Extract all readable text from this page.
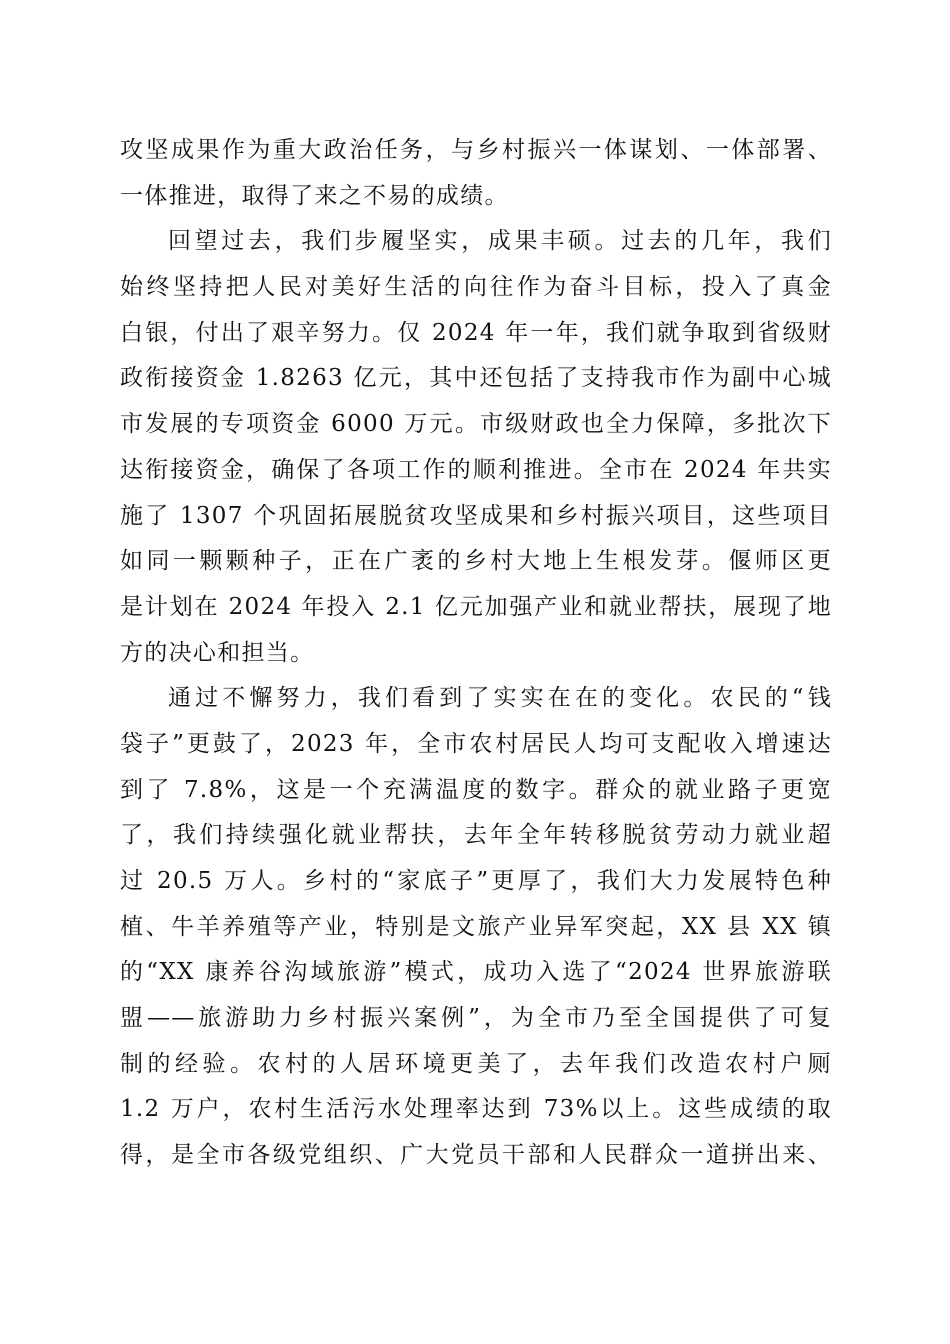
攻坚成果作为重大政治任务，与乡村振兴一体谋划、一体部署、
一体推进，取得了来之不易的成绩。
回望过去，我们步履坚实，成果丰硕。过去的几年，我们
始终坚持把人民对美好生活的向往作为奋斗目标，投入了真金
白银，付出了艰辛努力。仅 2024 年一年，我们就争取到省级财
政衔接资金 1.8263 亿元，其中还包括了支持我市作为副中心城
市发展的专项资金 6000 万元。市级财政也全力保障，多批次下
达衔接资金，确保了各项工作的顺利推进。全市在 2024 年共实
施了 1307 个巩固拓展脱贫攻坚成果和乡村振兴项目，这些项目
如同一颗颗种子，正在广袤的乡村大地上生根发芽。偃师区更
是计划在 2024 年投入 2.1 亿元加强产业和就业帮扶，展现了地
方的决心和担当。
通过不懈努力，我们看到了实实在在的变化。农民的“钱
袋子”更鼓了，2023 年，全市农村居民人均可支配收入增速达
到了 7.8%，这是一个充满温度的数字。群众的就业路子更宽
了，我们持续强化就业帮扶，去年全年转移脱贫劳动力就业超
过 20.5 万人。乡村的“家底子”更厚了，我们大力发展特色种
植、牛羊养殖等产业，特别是文旅产业异军突起，XX 县 XX 镇
的“XX 康养谷沟域旅游”模式，成功入选了“2024 世界旅游联
盟——旅游助力乡村振兴案例”，为全市乃至全国提供了可复
制的经验。农村的人居环境更美了，去年我们改造农村户厕
1.2 万户，农村生活污水处理率达到 73%以上。这些成绩的取
得，是全市各级党组织、广大党员干部和人民群众一道拼出来、
